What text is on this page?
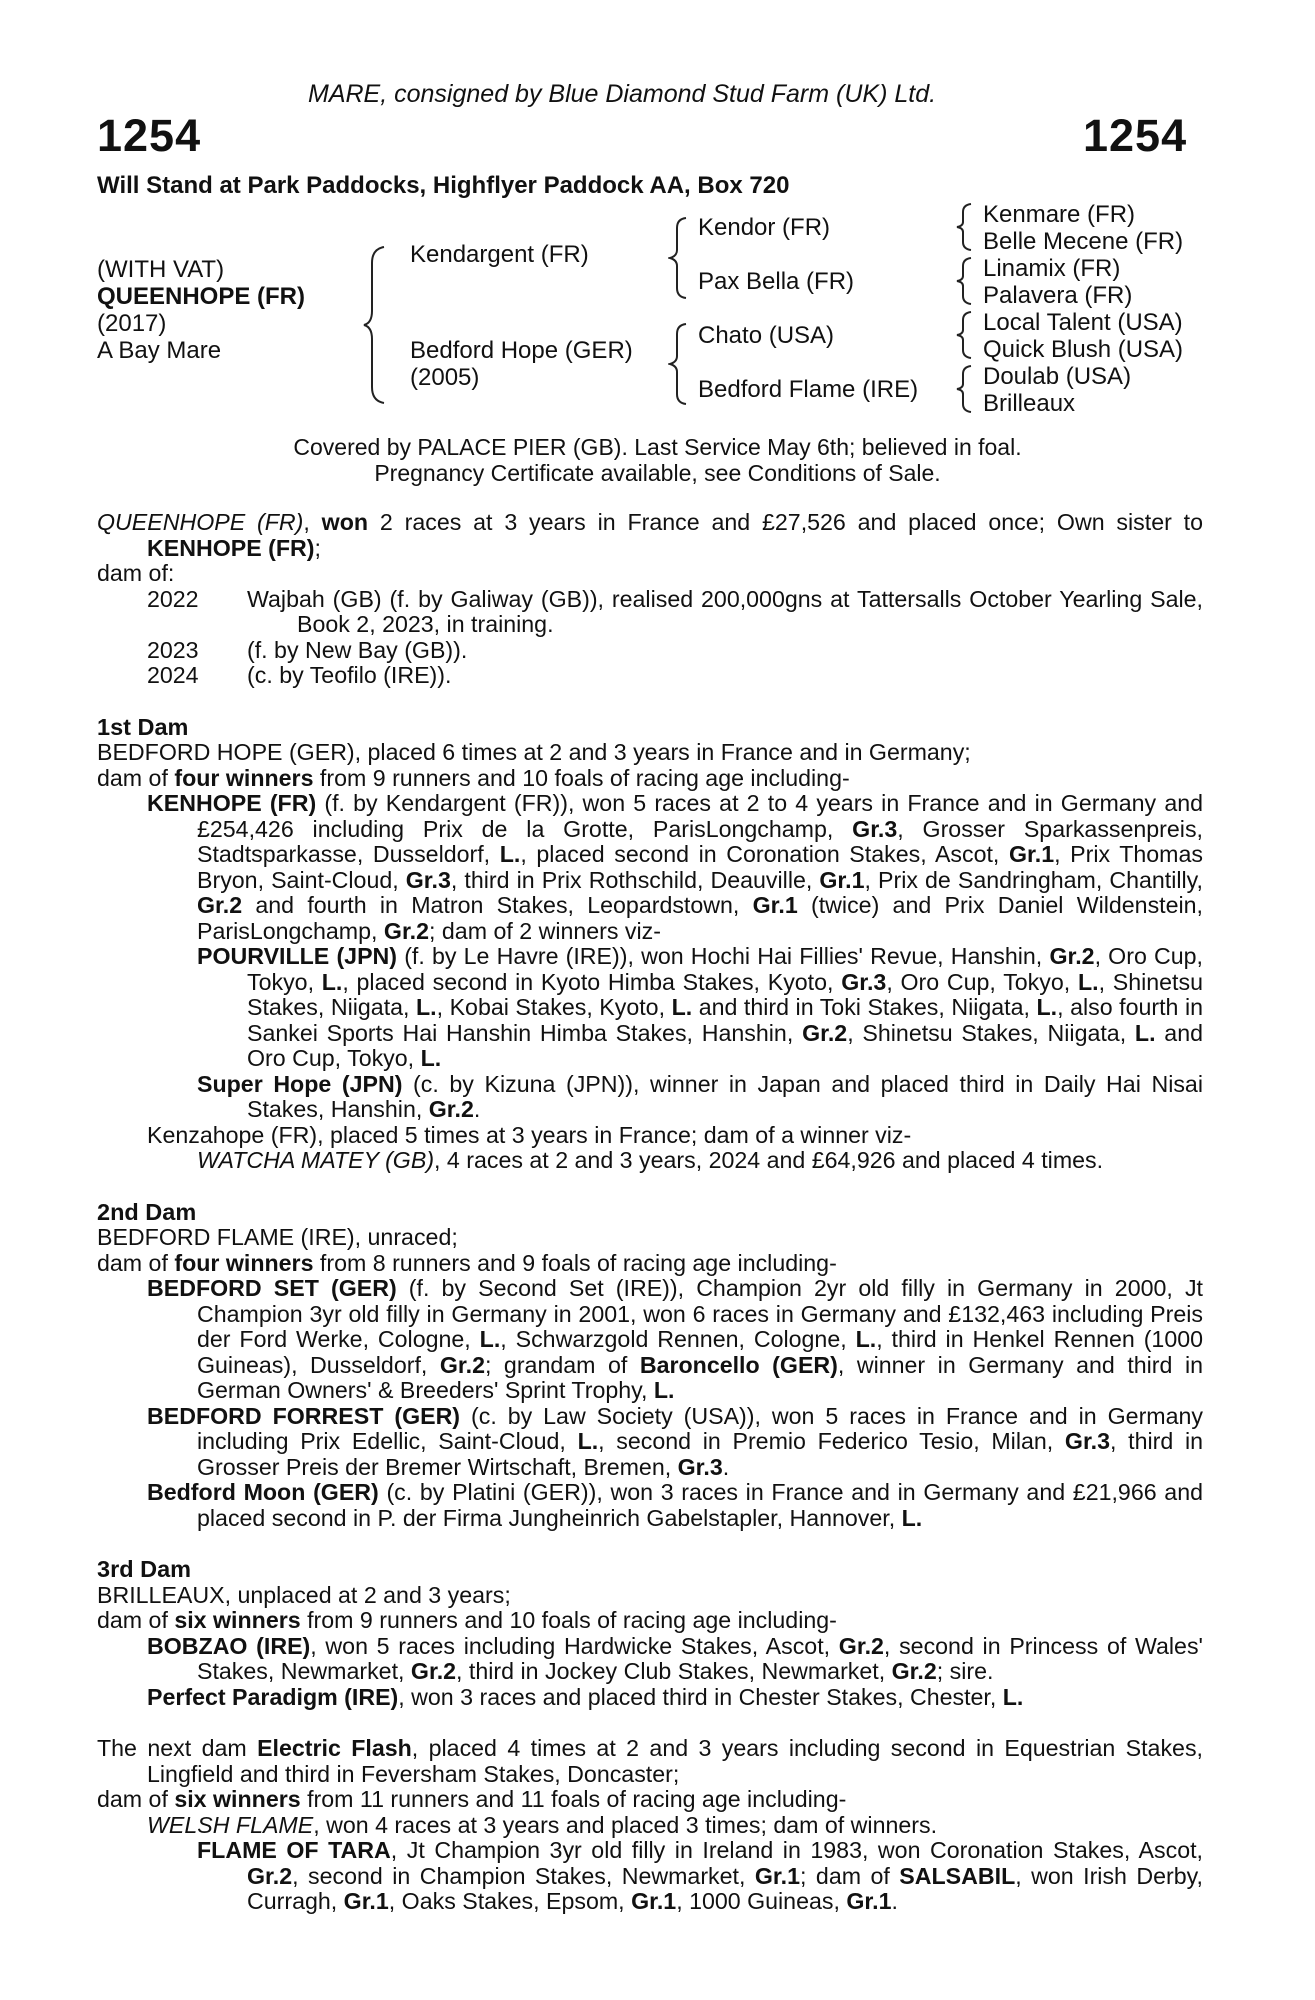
MARE, consigned by Blue Diamond Stud Farm (UK) Ltd.
1254	1254
Will Stand at Park Paddocks, Highflyer Paddock AA, Box 720
(WITH VAT)
QUEENHOPE (FR)
(2017)
A Bay Mare
Kendargent (FR)
Bedford Hope (GER)
(2005)
Kendor (FR)
Pax Bella (FR)
Chato (USA)
Bedford Flame (IRE)
Kenmare (FR)
Belle Mecene (FR)
Linamix (FR)
Palavera (FR)
Local Talent (USA)
Quick Blush (USA)
Doulab (USA)
Brilleaux
Covered by PALACE PIER (GB). Last Service May 6th; believed in foal.
Pregnancy Certificate available, see Conditions of Sale.

QUEENHOPE (FR), won 2 races at 3 years in France and £27,526 and placed once; Own sister to KENHOPE (FR);

dam of:

2022 Wajbah (GB) (f. by Galiway (GB)), realised 200,000gns at Tattersalls October Yearling Sale, Book 2, 2023, in training.

2023 (f. by New Bay (GB)).

2024 (c. by Teofilo (IRE)).

1st Dam

BEDFORD HOPE (GER), placed 6 times at 2 and 3 years in France and in Germany;

dam of four winners from 9 runners and 10 foals of racing age including-

KENHOPE (FR) (f. by Kendargent (FR)), won 5 races at 2 to 4 years in France and in Germany and £254,426 including Prix de la Grotte, ParisLongchamp, Gr.3, Grosser Sparkassenpreis, Stadtsparkasse, Dusseldorf, L., placed second in Coronation Stakes, Ascot, Gr.1, Prix Thomas Bryon, Saint-Cloud, Gr.3, third in Prix Rothschild, Deauville, Gr.1, Prix de Sandringham, Chantilly, Gr.2 and fourth in Matron Stakes, Leopardstown, Gr.1 (twice) and Prix Daniel Wildenstein, ParisLongchamp, Gr.2; dam of 2 winners viz-

POURVILLE (JPN) (f. by Le Havre (IRE)), won Hochi Hai Fillies' Revue, Hanshin, Gr.2, Oro Cup, Tokyo, L., placed second in Kyoto Himba Stakes, Kyoto, Gr.3, Oro Cup, Tokyo, L., Shinetsu Stakes, Niigata, L., Kobai Stakes, Kyoto, L. and third in Toki Stakes, Niigata, L., also fourth in Sankei Sports Hai Hanshin Himba Stakes, Hanshin, Gr.2, Shinetsu Stakes, Niigata, L. and Oro Cup, Tokyo, L.

Super Hope (JPN) (c. by Kizuna (JPN)), winner in Japan and placed third in Daily Hai Nisai Stakes, Hanshin, Gr.2.

Kenzahope (FR), placed 5 times at 3 years in France; dam of a winner viz-

WATCHA MATEY (GB), 4 races at 2 and 3 years, 2024 and £64,926 and placed 4 times.

2nd Dam

BEDFORD FLAME (IRE), unraced;

dam of four winners from 8 runners and 9 foals of racing age including-

BEDFORD SET (GER) (f. by Second Set (IRE)), Champion 2yr old filly in Germany in 2000, Jt Champion 3yr old filly in Germany in 2001, won 6 races in Germany and £132,463 including Preis der Ford Werke, Cologne, L., Schwarzgold Rennen, Cologne, L., third in Henkel Rennen (1000 Guineas), Dusseldorf, Gr.2; grandam of Baroncello (GER), winner in Germany and third in German Owners' & Breeders' Sprint Trophy, L.

BEDFORD FORREST (GER) (c. by Law Society (USA)), won 5 races in France and in Germany including Prix Edellic, Saint-Cloud, L., second in Premio Federico Tesio, Milan, Gr.3, third in Grosser Preis der Bremer Wirtschaft, Bremen, Gr.3.

Bedford Moon (GER) (c. by Platini (GER)), won 3 races in France and in Germany and £21,966 and placed second in P. der Firma Jungheinrich Gabelstapler, Hannover, L.

3rd Dam

BRILLEAUX, unplaced at 2 and 3 years;

dam of six winners from 9 runners and 10 foals of racing age including-

BOBZAO (IRE), won 5 races including Hardwicke Stakes, Ascot, Gr.2, second in Princess of Wales' Stakes, Newmarket, Gr.2, third in Jockey Club Stakes, Newmarket, Gr.2; sire.

Perfect Paradigm (IRE), won 3 races and placed third in Chester Stakes, Chester, L.

The next dam Electric Flash, placed 4 times at 2 and 3 years including second in Equestrian Stakes, Lingfield and third in Feversham Stakes, Doncaster;

dam of six winners from 11 runners and 11 foals of racing age including-

WELSH FLAME, won 4 races at 3 years and placed 3 times; dam of winners.

FLAME OF TARA, Jt Champion 3yr old filly in Ireland in 1983, won Coronation Stakes, Ascot, Gr.2, second in Champion Stakes, Newmarket, Gr.1; dam of SALSABIL, won Irish Derby, Curragh, Gr.1, Oaks Stakes, Epsom, Gr.1, 1000 Guineas, Gr.1.
